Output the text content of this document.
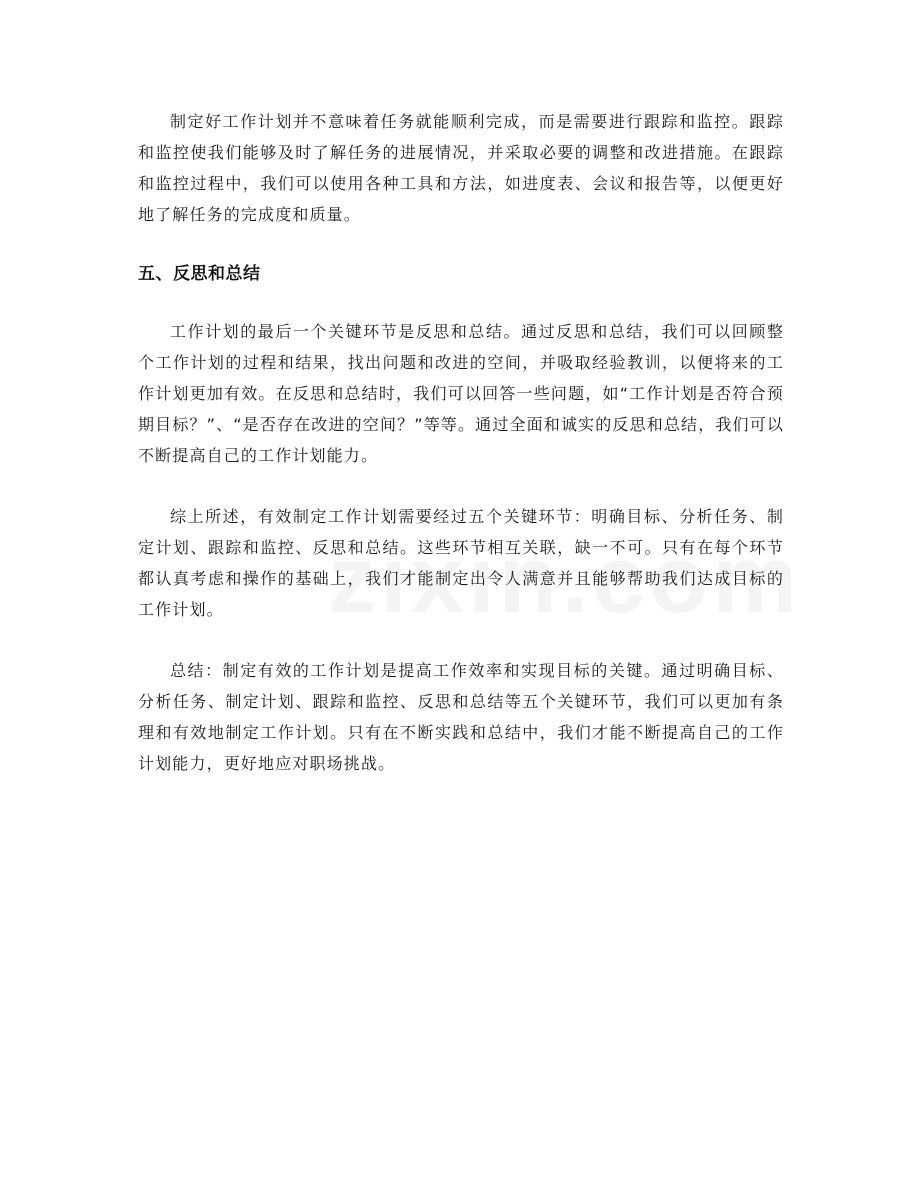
制定好工作计划并不意味着任务就能顺利完成，而是需要进行跟踪和监控。跟踪和监控使我们能够及时了解任务的进展情况，并采取必要的调整和改进措施。在跟踪和监控过程中，我们可以使用各种工具和方法，如进度表、会议和报告等，以便更好地了解任务的完成度和质量。

五、反思和总结

工作计划的最后一个关键环节是反思和总结。通过反思和总结，我们可以回顾整个工作计划的过程和结果，找出问题和改进的空间，并吸取经验教训，以便将来的工作计划更加有效。在反思和总结时，我们可以回答一些问题，如“工作计划是否符合预期目标？”、“是否存在改进的空间？”等等。通过全面和诚实的反思和总结，我们可以不断提高自己的工作计划能力。

综上所述，有效制定工作计划需要经过五个关键环节：明确目标、分析任务、制定计划、跟踪和监控、反思和总结。这些环节相互关联，缺一不可。只有在每个环节都认真考虑和操作的基础上，我们才能制定出令人满意并且能够帮助我们达成目标的工作计划。

总结：制定有效的工作计划是提高工作效率和实现目标的关键。通过明确目标、分析任务、制定计划、跟踪和监控、反思和总结等五个关键环节，我们可以更加有条理和有效地制定工作计划。只有在不断实践和总结中，我们才能不断提高自己的工作计划能力，更好地应对职场挑战。
